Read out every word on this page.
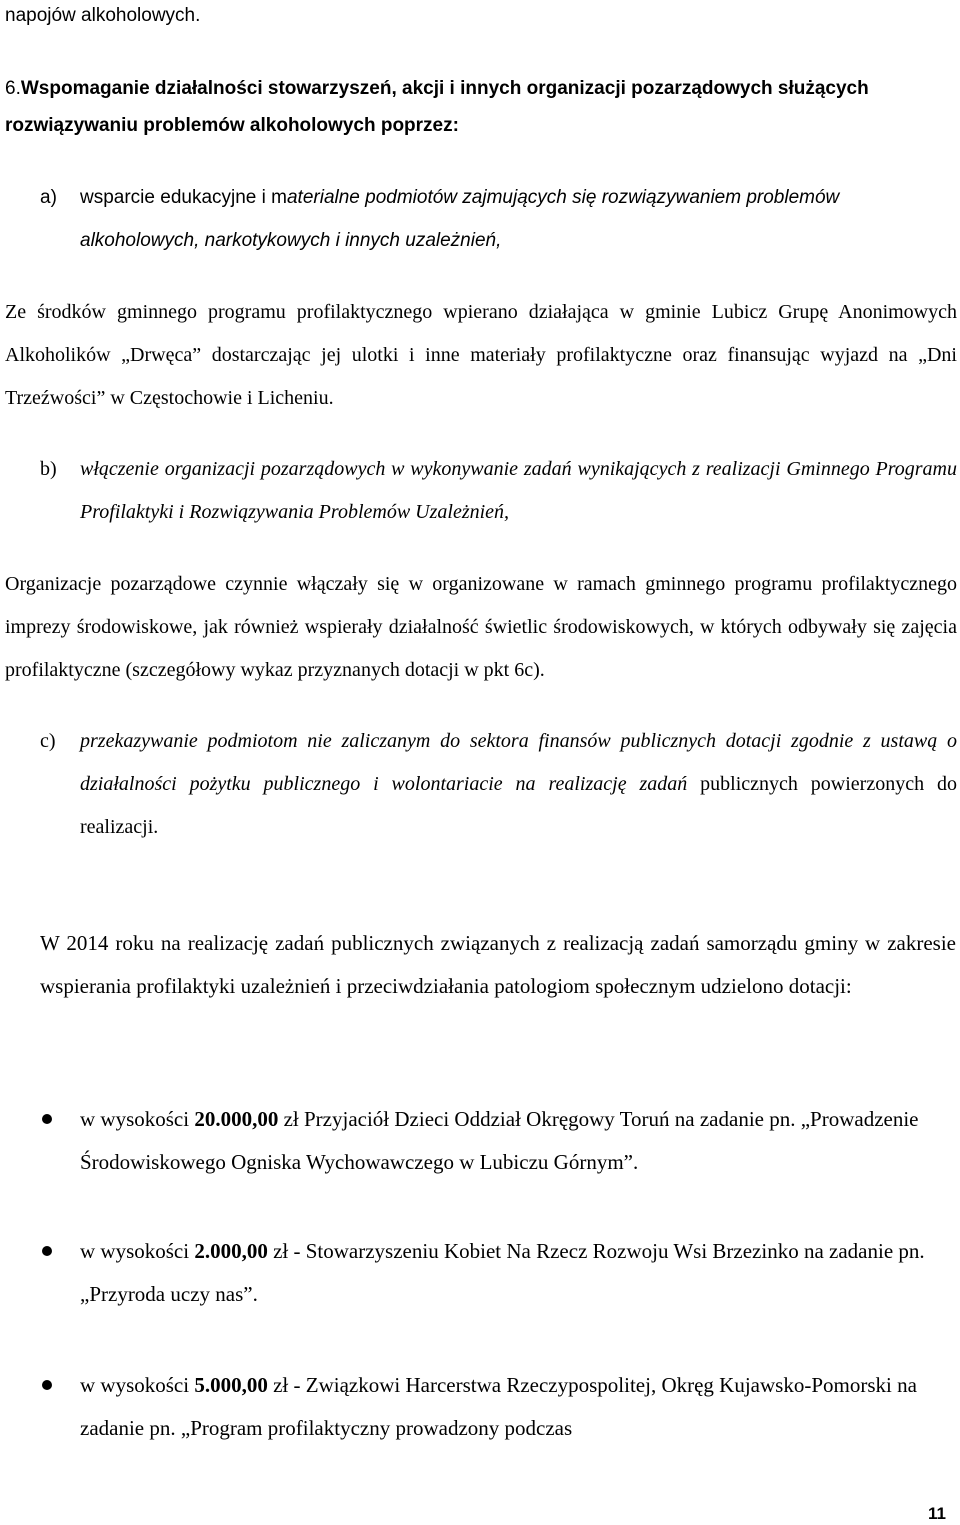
napojów alkoholowych.
6.Wspomaganie działalności stowarzyszeń, akcji i innych organizacji pozarządowych służących rozwiązywaniu problemów alkoholowych poprzez:
a) wsparcie edukacyjne i materialne podmiotów zajmujących się rozwiązywaniem problemów alkoholowych, narkotykowych i innych uzależnień,
Ze środków gminnego programu profilaktycznego wpierano działająca w gminie Lubicz Grupę Anonimowych Alkoholików „Drwęca” dostarczając jej ulotki i inne materiały profilaktyczne oraz finansując wyjazd na „Dni Trzeźwości” w Częstochowie i Licheniu.
b) włączenie organizacji pozarządowych w wykonywanie zadań wynikających z realizacji Gminnego Programu Profilaktyki i Rozwiązywania Problemów Uzależnień,
Organizacje pozarządowe czynnie włączały się w organizowane w ramach gminnego programu profilaktycznego imprezy środowiskowe, jak również wspierały działalność świetlic środowiskowych, w których odbywały się zajęcia profilaktyczne (szczegółowy wykaz przyznanych dotacji w pkt 6c).
c) przekazywanie podmiotom nie zaliczanym do sektora finansów publicznych dotacji zgodnie z ustawą o działalności pożytku publicznego i wolontariacie na realizację zadań publicznych powierzonych do realizacji.
W 2014 roku na realizację zadań publicznych związanych z realizacją zadań samorządu gminy w zakresie wspierania profilaktyki uzależnień i przeciwdziałania patologiom społecznym udzielono dotacji:
w wysokości 20.000,00 zł Przyjaciół Dzieci Oddział Okręgowy Toruń na zadanie pn. „Prowadzenie Środowiskowego Ogniska Wychowawczego w Lubiczu Górnym”.
w wysokości 2.000,00 zł - Stowarzyszeniu Kobiet Na Rzecz Rozwoju Wsi Brzezinko na zadanie pn. „Przyroda uczy nas”.
w wysokości 5.000,00 zł - Związkowi Harcerstwa Rzeczypospolitej, Okręg Kujawsko-Pomorski na zadanie pn. „Program profilaktyczny prowadzony podczas
11
